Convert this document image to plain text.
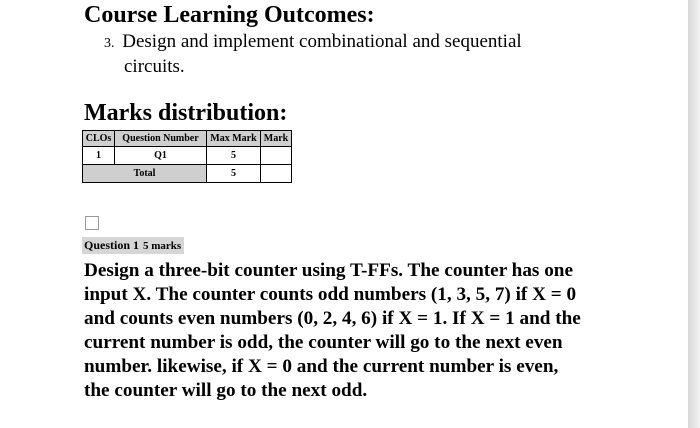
Course Learning Outcomes:
3. Design and implement combinational and sequential
circuits.
Marks distribution:
CLOs	Question Number	Max Mark	Mark
1	Q1	5	
Total		5	
Question 1 5 marks

Design a three-bit counter using T-FFs. The counter has one
input X. The counter counts odd numbers (1, 3, 5, 7) if X = 0
and counts even numbers (0, 2, 4, 6) if X = 1. If X = 1 and the
current number is odd, the counter will go to the next even
number. likewise, if X = 0 and the current number is even,
the counter will go to the next odd.
